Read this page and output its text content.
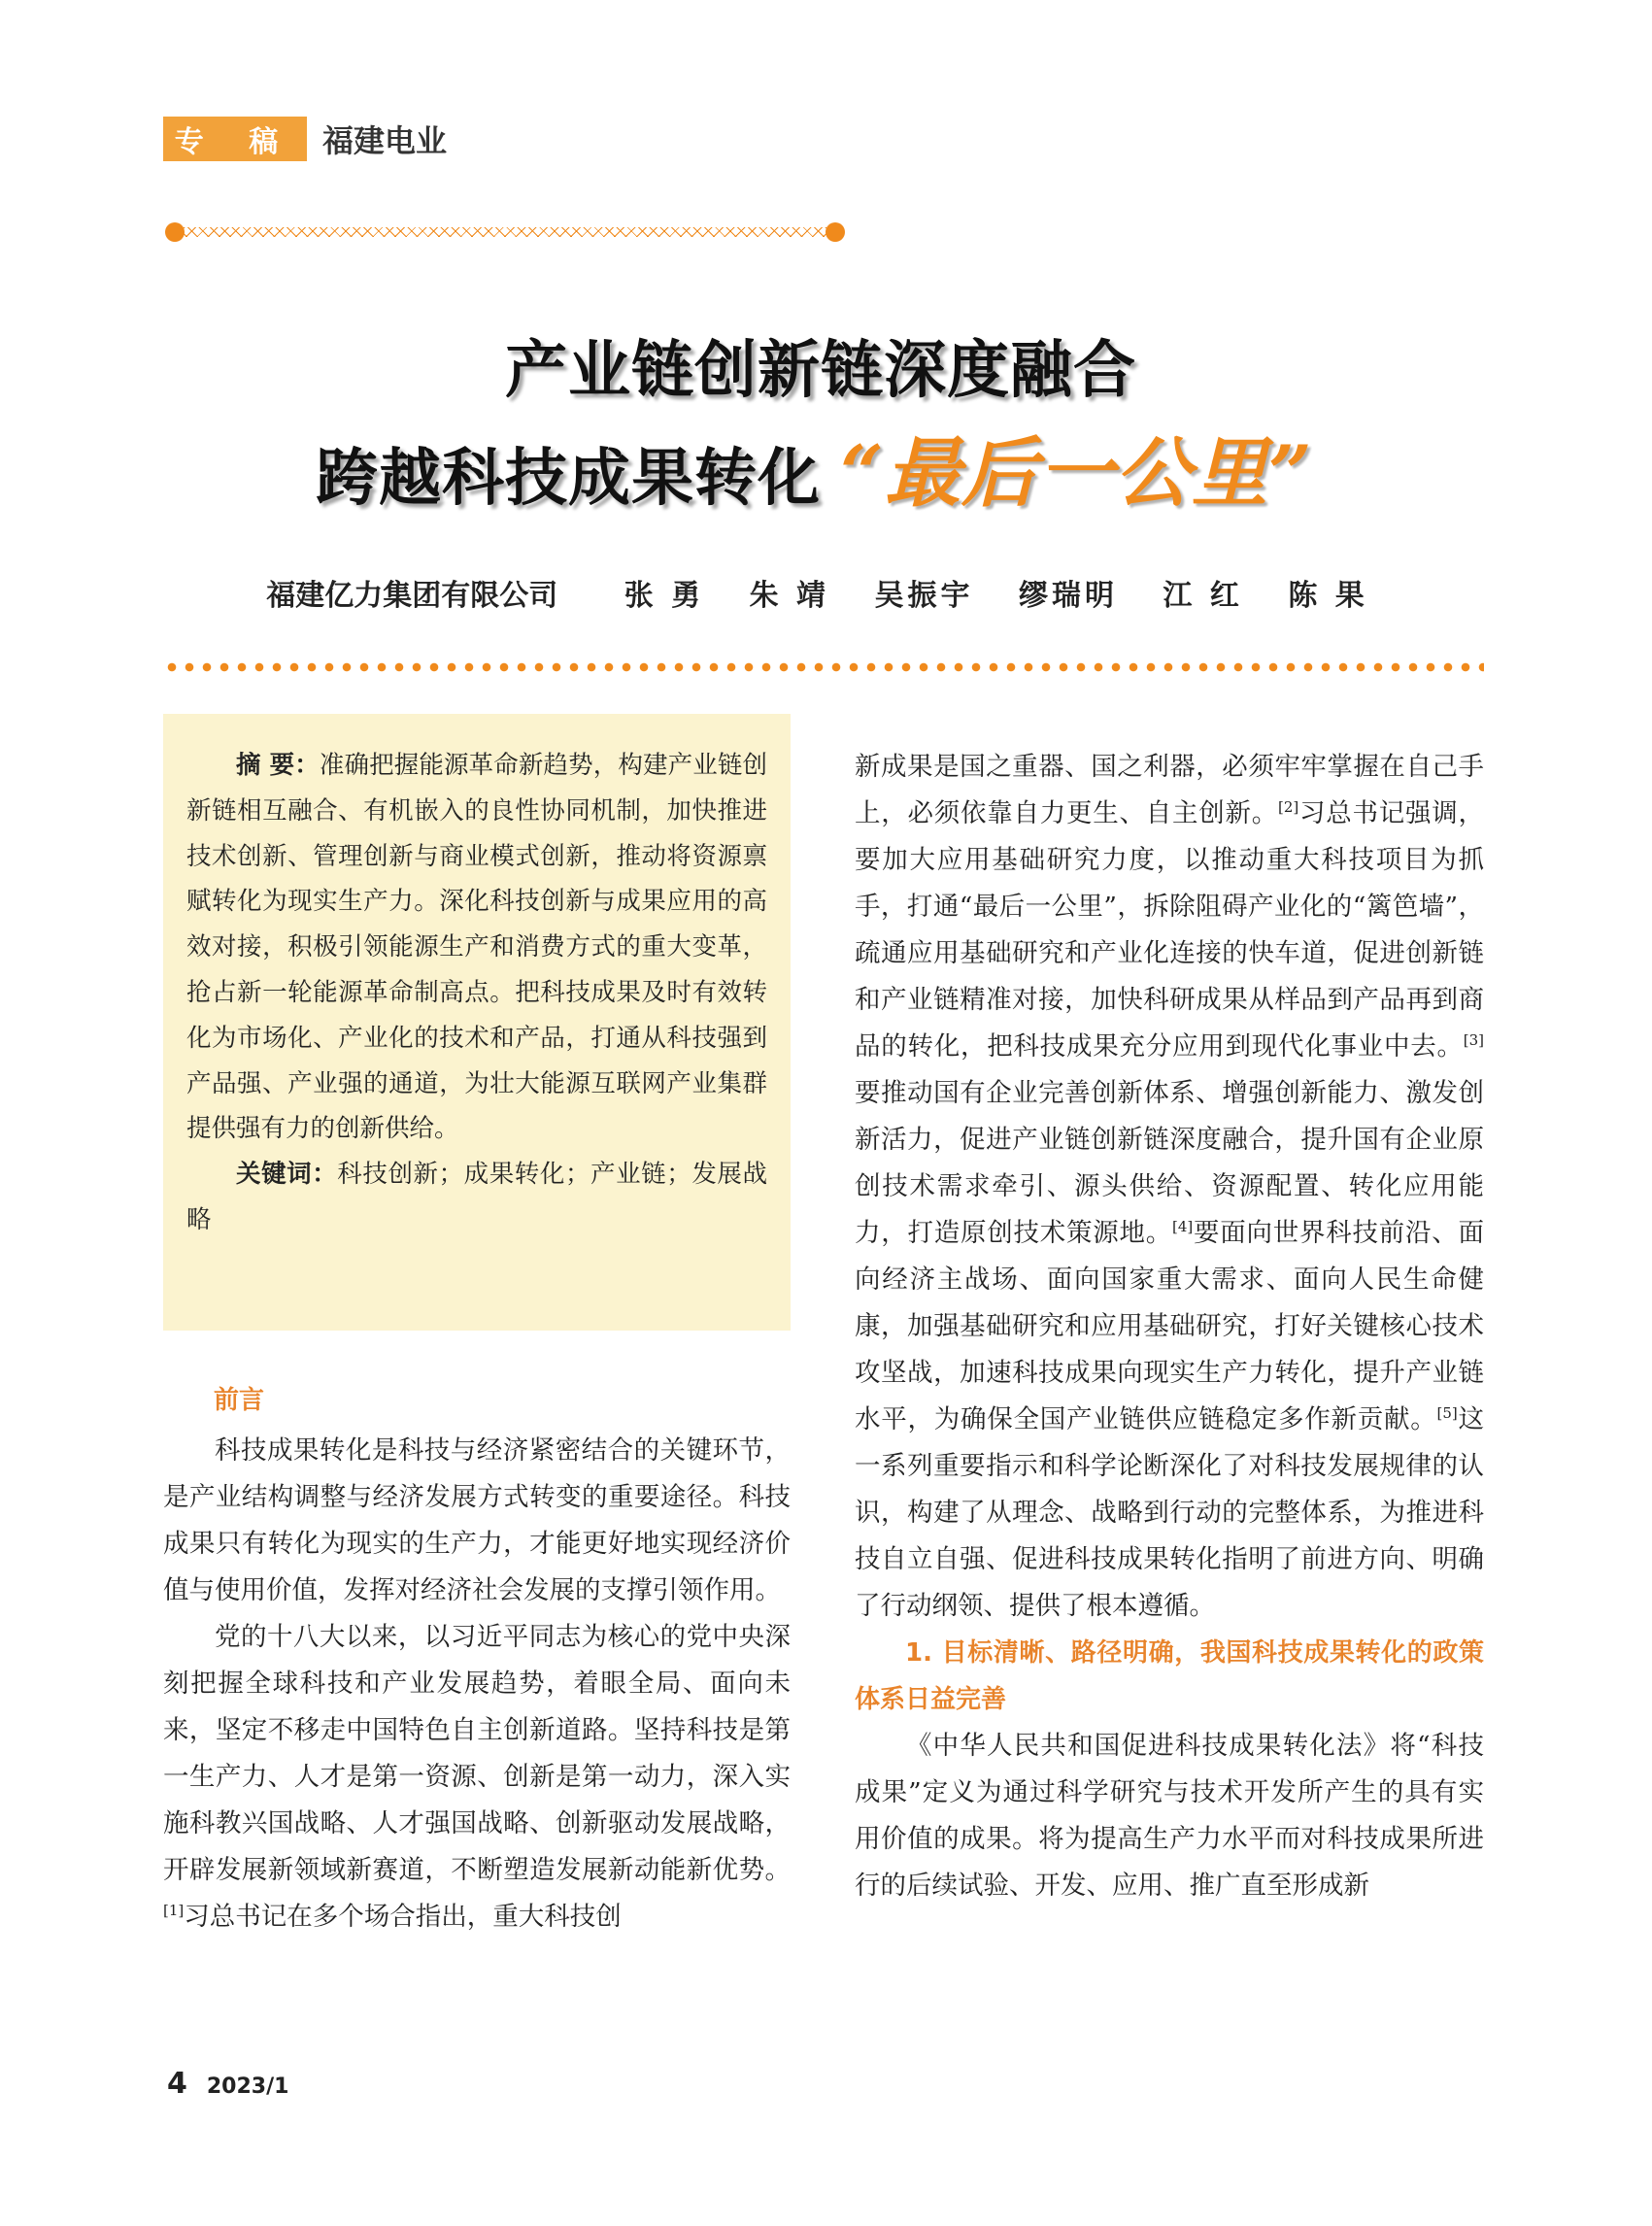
专 稿 福建电业
产业链创新链深度融合
跨越科技成果转化 “最后一公里”
福建亿力集团有限公司 张 勇 朱 靖 吴振宇 缪瑞明 江 红 陈 果

摘 要：准确把握能源革命新趋势，构建产业链创新链相互融合、有机嵌入的良性协同机制，加快推进技术创新、管理创新与商业模式创新，推动将资源禀赋转化为现实生产力。深化科技创新与成果应用的高效对接，积极引领能源生产和消费方式的重大变革，抢占新一轮能源革命制高点。把科技成果及时有效转化为市场化、产业化的技术和产品，打通从科技强到产品强、产业强的通道，为壮大能源互联网产业集群提供强有力的创新供给。

关键词：科技创新；成果转化；产业链；发展战略

前言

科技成果转化是科技与经济紧密结合的关键环节，是产业结构调整与经济发展方式转变的重要途径。科技成果只有转化为现实的生产力，才能更好地实现经济价值与使用价值，发挥对经济社会发展的支撑引领作用。

党的十八大以来，以习近平同志为核心的党中央深刻把握全球科技和产业发展趋势，着眼全局、面向未来，坚定不移走中国特色自主创新道路。坚持科技是第一生产力、人才是第一资源、创新是第一动力，深入实施科教兴国战略、人才强国战略、创新驱动发展战略，开辟发展新领域新赛道，不断塑造发展新动能新优势。[1]习总书记在多个场合指出，重大科技创

新成果是国之重器、国之利器，必须牢牢掌握在自己手上，必须依靠自力更生、自主创新。[2]习总书记强调，要加大应用基础研究力度，以推动重大科技项目为抓手，打通“最后一公里”，拆除阻碍产业化的“篱笆墙”，疏通应用基础研究和产业化连接的快车道，促进创新链和产业链精准对接，加快科研成果从样品到产品再到商品的转化，把科技成果充分应用到现代化事业中去。[3]要推动国有企业完善创新体系、增强创新能力、激发创新活力，促进产业链创新链深度融合，提升国有企业原创技术需求牵引、源头供给、资源配置、转化应用能力，打造原创技术策源地。[4]要面向世界科技前沿、面向经济主战场、面向国家重大需求、面向人民生命健康，加强基础研究和应用基础研究，打好关键核心技术攻坚战，加速科技成果向现实生产力转化，提升产业链水平，为确保全国产业链供应链稳定多作新贡献。[5]这一系列重要指示和科学论断深化了对科技发展规律的认识，构建了从理念、战略到行动的完整体系，为推进科技自立自强、促进科技成果转化指明了前进方向、明确了行动纲领、提供了根本遵循。

1. 目标清晰、路径明确，我国科技成果转化的政策体系日益完善

《中华人民共和国促进科技成果转化法》将“科技成果”定义为通过科学研究与技术开发所产生的具有实用价值的成果。将为提高生产力水平而对科技成果所进行的后续试验、开发、应用、推广直至形成新

4 2023/1
